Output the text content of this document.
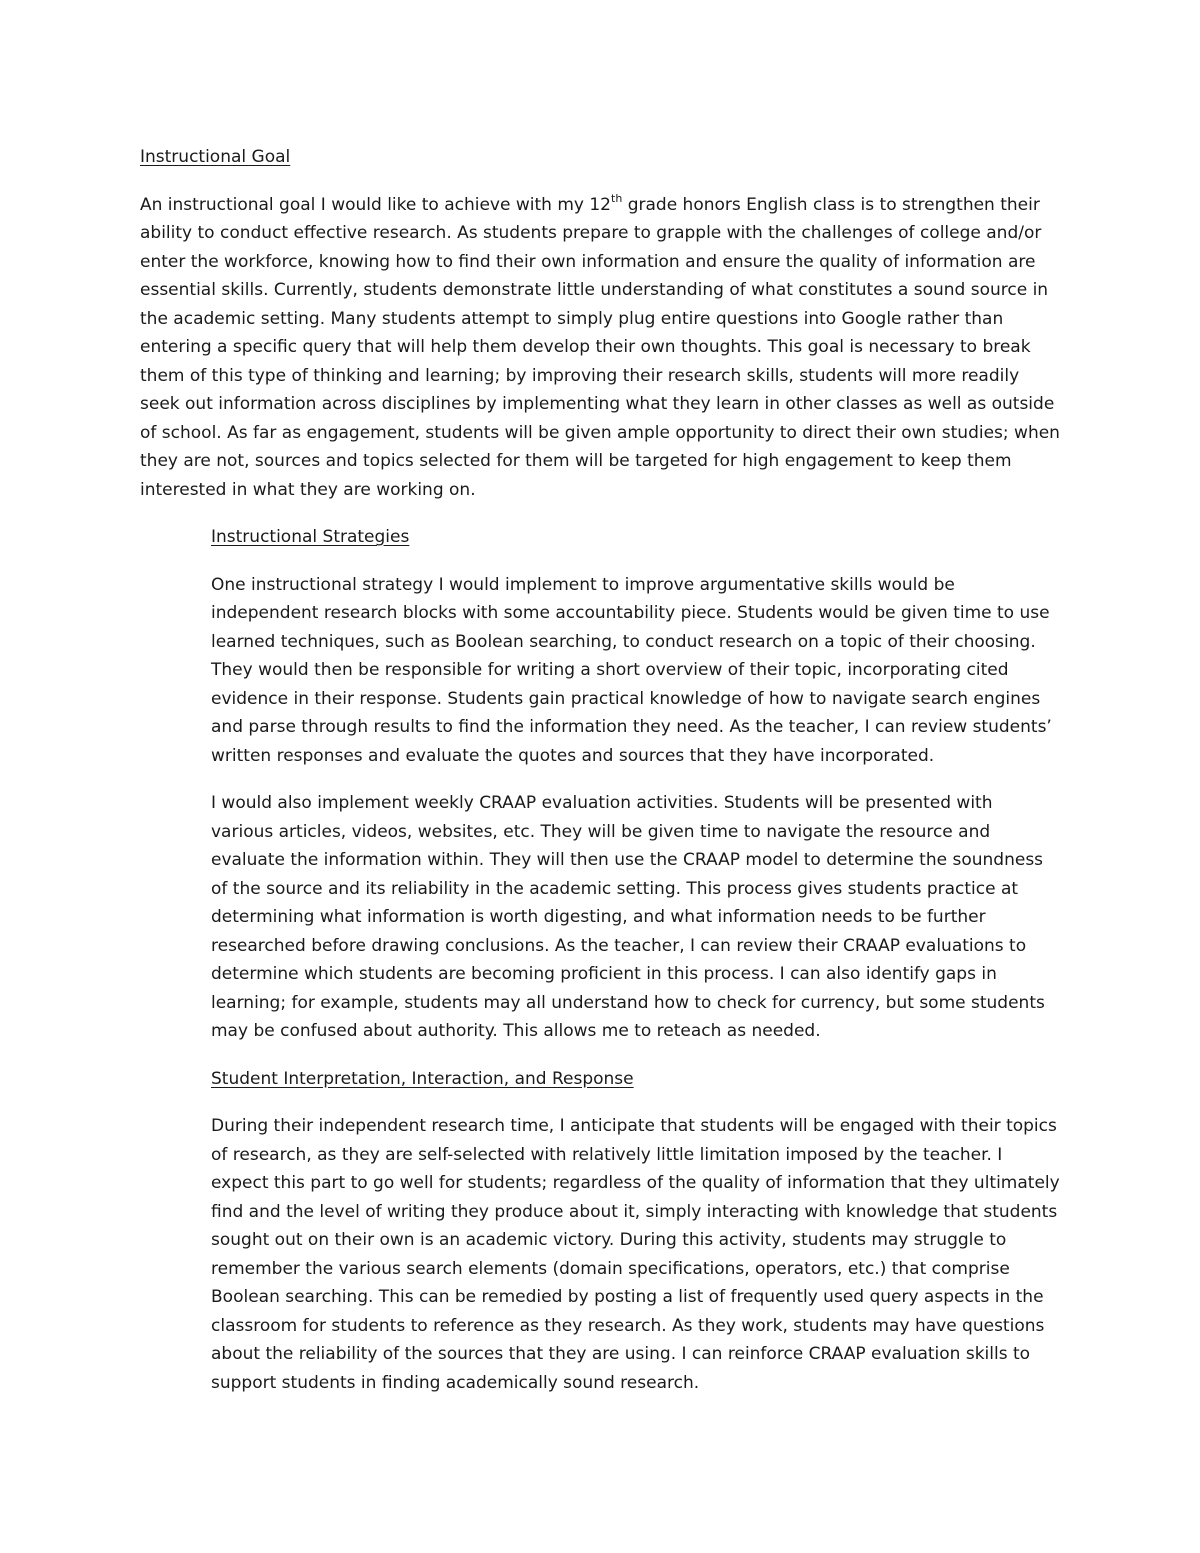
Instructional Goal

An instructional goal I would like to achieve with my 12th grade honors English class is to strengthen their ability to conduct effective research. As students prepare to grapple with the challenges of college and/or enter the workforce, knowing how to find their own information and ensure the quality of information are essential skills. Currently, students demonstrate little understanding of what constitutes a sound source in the academic setting. Many students attempt to simply plug entire questions into Google rather than entering a specific query that will help them develop their own thoughts. This goal is necessary to break them of this type of thinking and learning; by improving their research skills, students will more readily seek out information across disciplines by implementing what they learn in other classes as well as outside of school. As far as engagement, students will be given ample opportunity to direct their own studies; when they are not, sources and topics selected for them will be targeted for high engagement to keep them interested in what they are working on.

Instructional Strategies

One instructional strategy I would implement to improve argumentative skills would be independent research blocks with some accountability piece. Students would be given time to use learned techniques, such as Boolean searching, to conduct research on a topic of their choosing. They would then be responsible for writing a short overview of their topic, incorporating cited evidence in their response. Students gain practical knowledge of how to navigate search engines and parse through results to find the information they need. As the teacher, I can review students’ written responses and evaluate the quotes and sources that they have incorporated.

I would also implement weekly CRAAP evaluation activities. Students will be presented with various articles, videos, websites, etc. They will be given time to navigate the resource and evaluate the information within. They will then use the CRAAP model to determine the soundness of the source and its reliability in the academic setting. This process gives students practice at determining what information is worth digesting, and what information needs to be further researched before drawing conclusions. As the teacher, I can review their CRAAP evaluations to determine which students are becoming proficient in this process. I can also identify gaps in learning; for example, students may all understand how to check for currency, but some students may be confused about authority. This allows me to reteach as needed.

Student Interpretation, Interaction, and Response

During their independent research time, I anticipate that students will be engaged with their topics of research, as they are self-selected with relatively little limitation imposed by the teacher. I expect this part to go well for students; regardless of the quality of information that they ultimately find and the level of writing they produce about it, simply interacting with knowledge that students sought out on their own is an academic victory. During this activity, students may struggle to remember the various search elements (domain specifications, operators, etc.) that comprise Boolean searching. This can be remedied by posting a list of frequently used query aspects in the classroom for students to reference as they research. As they work, students may have questions about the reliability of the sources that they are using. I can reinforce CRAAP evaluation skills to support students in finding academically sound research.
